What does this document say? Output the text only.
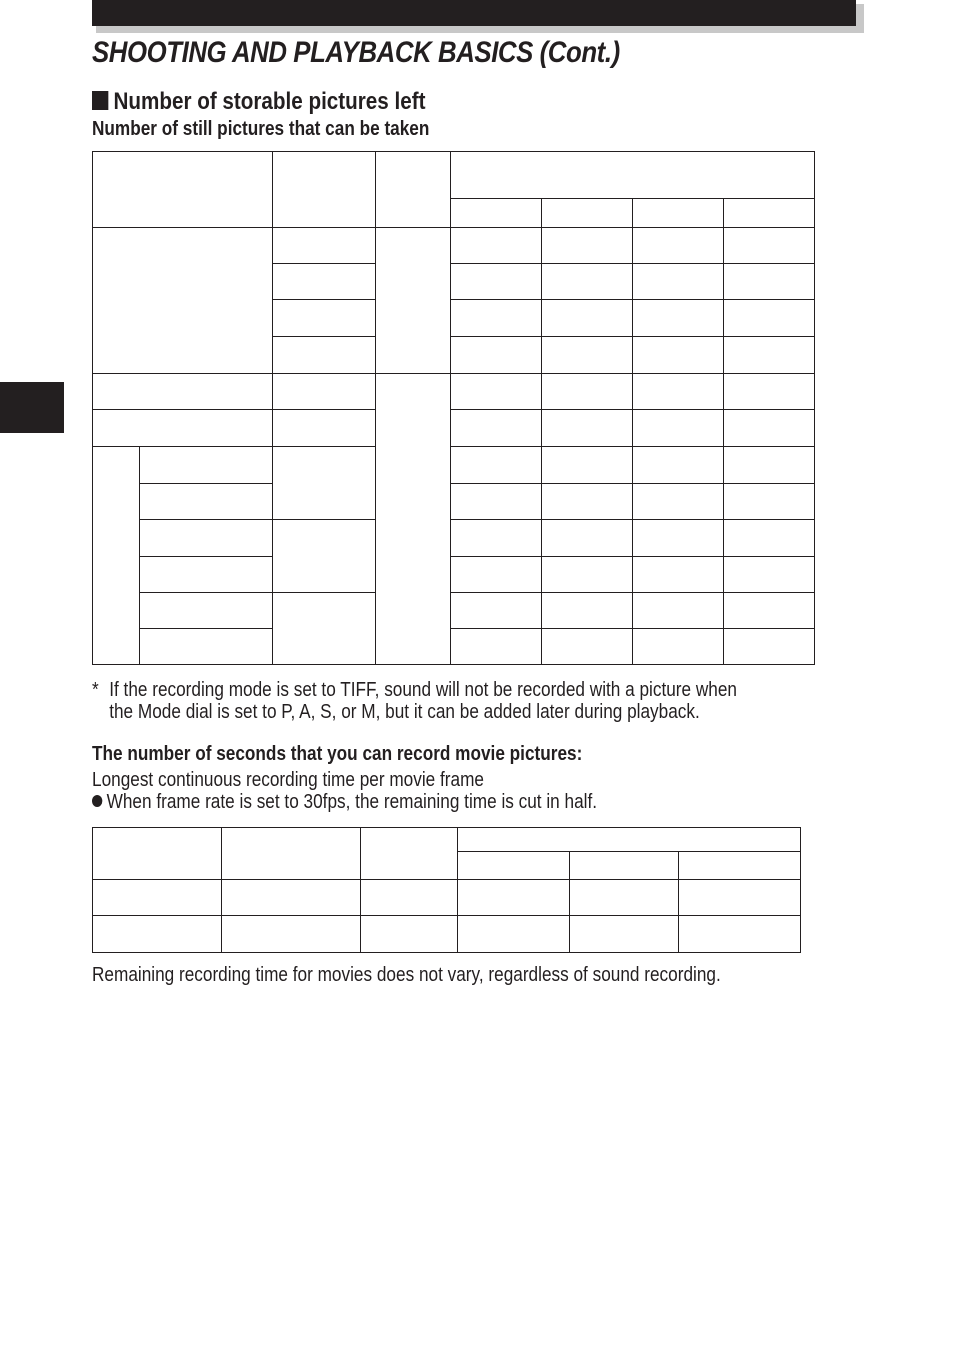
SHOOTING AND PLAYBACK BASICS (Cont.)
Number of storable pictures left
Number of still pictures that can be taken
* If the recording mode is set to TIFF, sound will not be recorded with a picture when
the Mode dial is set to P, A, S, or M, but it can be added later during playback.
The number of seconds that you can record movie pictures:
Longest continuous recording time per movie frame
When frame rate is set to 30fps, the remaining time is cut in half.
Remaining recording time for movies does not vary, regardless of sound recording.
